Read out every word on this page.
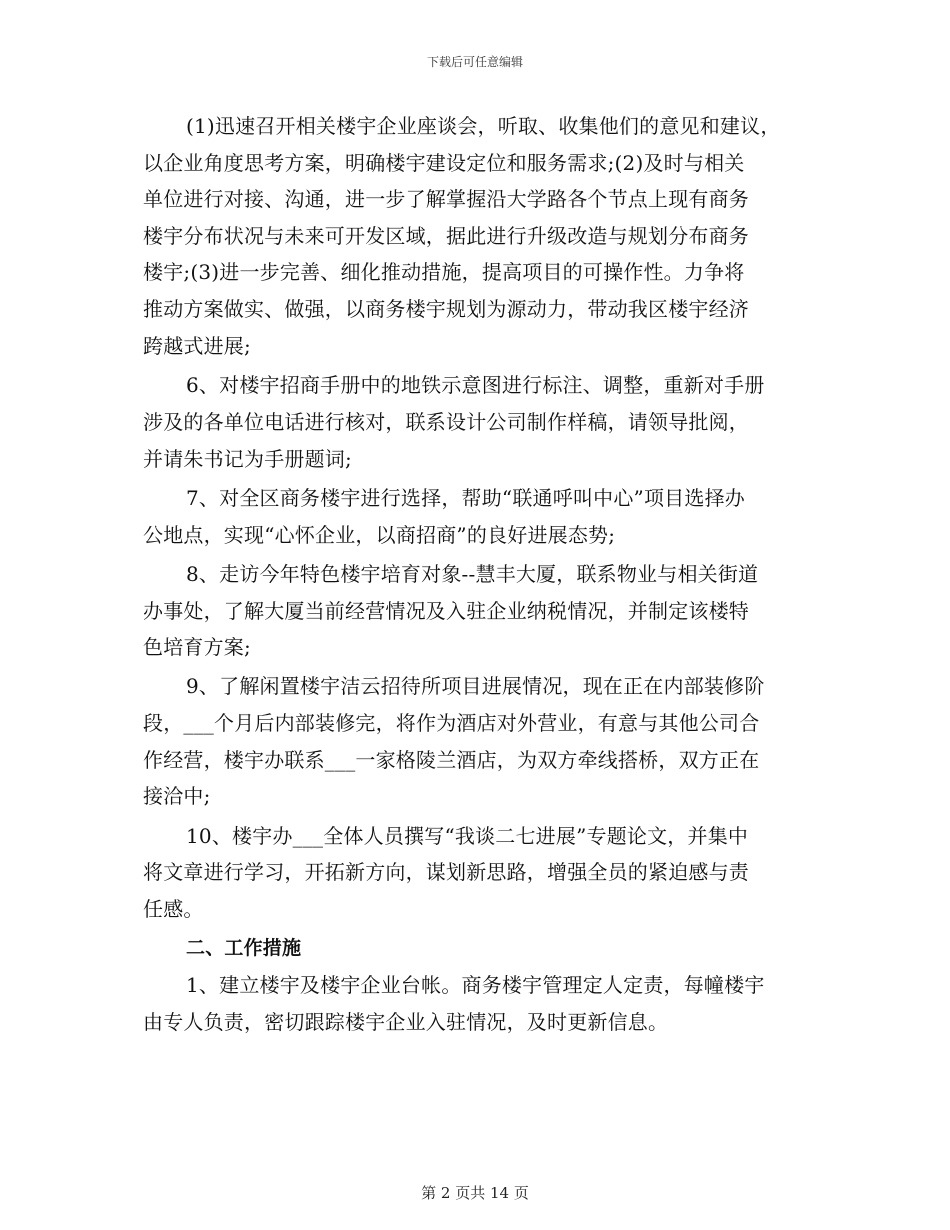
下载后可任意编辑
(1)迅速召开相关楼宇企业座谈会，听取、收集他们的意见和建议，
以企业角度思考方案，明确楼宇建设定位和服务需求;(2)及时与相关
单位进行对接、沟通，进一步了解掌握沿大学路各个节点上现有商务
楼宇分布状况与未来可开发区域，据此进行升级改造与规划分布商务
楼宇;(3)进一步完善、细化推动措施，提高项目的可操作性。力争将
推动方案做实、做强，以商务楼宇规划为源动力，带动我区楼宇经济
跨越式进展;
6、对楼宇招商手册中的地铁示意图进行标注、调整，重新对手册
涉及的各单位电话进行核对，联系设计公司制作样稿，请领导批阅，
并请朱书记为手册题词;
7、对全区商务楼宇进行选择，帮助“联通呼叫中心”项目选择办
公地点，实现“心怀企业，以商招商”的良好进展态势;
8、走访今年特色楼宇培育对象--慧丰大厦，联系物业与相关街道
办事处，了解大厦当前经营情况及入驻企业纳税情况，并制定该楼特
色培育方案;
9、了解闲置楼宇洁云招待所项目进展情况，现在正在内部装修阶
段，___个月后内部装修完，将作为酒店对外营业，有意与其他公司合
作经营，楼宇办联系___一家格陵兰酒店，为双方牵线搭桥，双方正在
接洽中;
10、楼宇办___全体人员撰写“我谈二七进展”专题论文，并集中
将文章进行学习，开拓新方向，谋划新思路，增强全员的紧迫感与责
任感。
二、工作措施
1、建立楼宇及楼宇企业台帐。商务楼宇管理定人定责，每幢楼宇
由专人负责，密切跟踪楼宇企业入驻情况，及时更新信息。
第 2 页共 14 页
